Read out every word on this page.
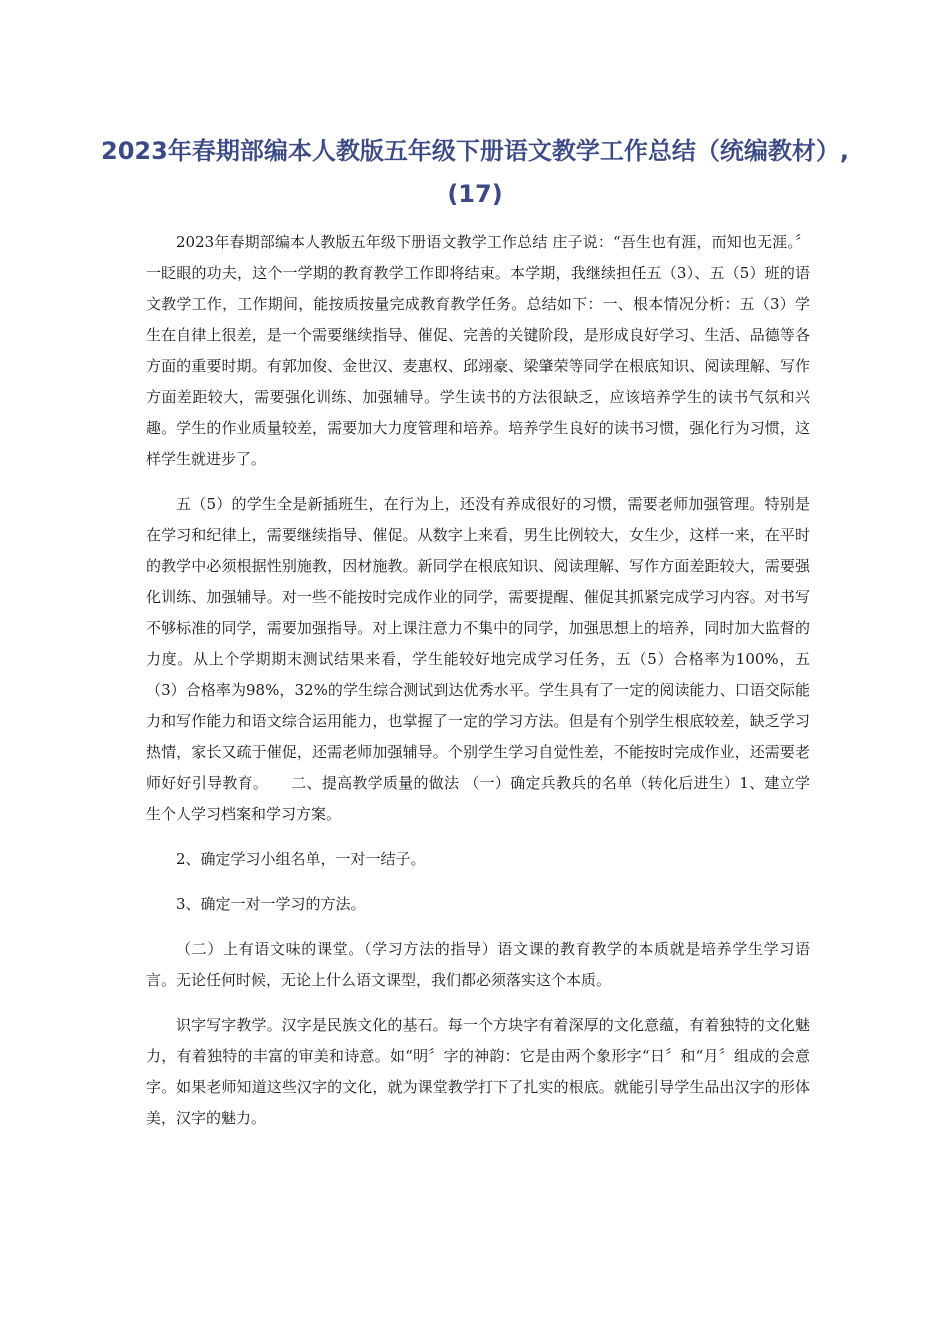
2023年春期部编本人教版五年级下册语文教学工作总结（统编教材）,(17)

2023年春期部编本人教版五年级下册语文教学工作总结 庄子说：“吾生也有涯，而知也无涯。〞一眨眼的功夫，这个一学期的教育教学工作即将结束。本学期，我继续担任五（3）、五（5）班的语文教学工作，工作期间，能按质按量完成教育教学任务。总结如下：一、根本情况分析：五（3）学生在自律上很差，是一个需要继续指导、催促、完善的关键阶段，是形成良好学习、生活、品德等各方面的重要时期。有郭加俊、金世汉、麦惠权、邱翊豪、梁肇荣等同学在根底知识、阅读理解、写作方面差距较大，需要强化训练、加强辅导。学生读书的方法很缺乏，应该培养学生的读书气氛和兴趣。学生的作业质量较差，需要加大力度管理和培养。培养学生良好的读书习惯，强化行为习惯，这样学生就进步了。

五（5）的学生全是新插班生，在行为上，还没有养成很好的习惯，需要老师加强管理。特别是在学习和纪律上，需要继续指导、催促。从数字上来看，男生比例较大，女生少，这样一来，在平时的教学中必须根据性别施教，因材施教。新同学在根底知识、阅读理解、写作方面差距较大，需要强化训练、加强辅导。对一些不能按时完成作业的同学，需要提醒、催促其抓紧完成学习内容。对书写不够标准的同学，需要加强指导。对上课注意力不集中的同学，加强思想上的培养，同时加大监督的力度。从上个学期期末测试结果来看，学生能较好地完成学习任务，五（5）合格率为100%，五（3）合格率为98%，32%的学生综合测试到达优秀水平。学生具有了一定的阅读能力、口语交际能力和写作能力和语文综合运用能力，也掌握了一定的学习方法。但是有个别学生根底较差，缺乏学习热情，家长又疏于催促，还需老师加强辅导。个别学生学习自觉性差，不能按时完成作业，还需要老师好好引导教育。　　二、提高教学质量的做法 （一）确定兵教兵的名单（转化后进生）1、建立学生个人学习档案和学习方案。

2、确定学习小组名单，一对一结子。

3、确定一对一学习的方法。

（二）上有语文味的课堂。（学习方法的指导）语文课的教育教学的本质就是培养学生学习语言。无论任何时候，无论上什么语文课型，我们都必须落实这个本质。

识字写字教学。汉字是民族文化的基石。每一个方块字有着深厚的文化意蕴，有着独特的文化魅力，有着独特的丰富的审美和诗意。如“明〞字的神韵：它是由两个象形字“日〞和“月〞组成的会意字。如果老师知道这些汉字的文化，就为课堂教学打下了扎实的根底。就能引导学生品出汉字的形体美，汉字的魅力。
